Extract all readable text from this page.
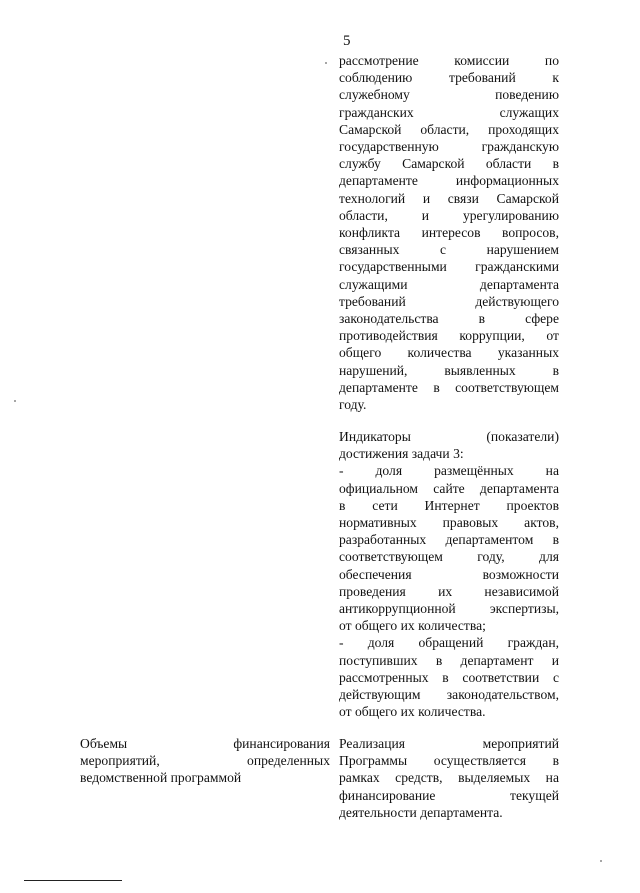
5
рассмотрение комиссии по
соблюдению требований к
служебному поведению
гражданских служащих
Самарской области, проходящих
государственную гражданскую
службу Самарской области в
департаменте информационных
технологий и связи Самарской
области, и урегулированию
конфликта интересов вопросов,
связанных с нарушением
государственными гражданскими
служащими департамента
требований действующего
законодательства в сфере
противодействия коррупции, от
общего количества указанных
нарушений, выявленных в
департаменте в соответствующем
году.
Индикаторы (показатели)
достижения задачи 3:
- доля размещённых на
официальном сайте департамента
в сети Интернет проектов
нормативных правовых актов,
разработанных департаментом в
соответствующем году, для
обеспечения возможности
проведения их независимой
антикоррупционной экспертизы,
от общего их количества;
- доля обращений граждан,
поступивших в департамент и
рассмотренных в соответствии с
действующим законодательством,
от общего их количества.
Объемы финансирования
мероприятий, определенных
ведомственной программой
Реализация мероприятий
Программы осуществляется в
рамках средств, выделяемых на
финансирование текущей
деятельности департамента.
